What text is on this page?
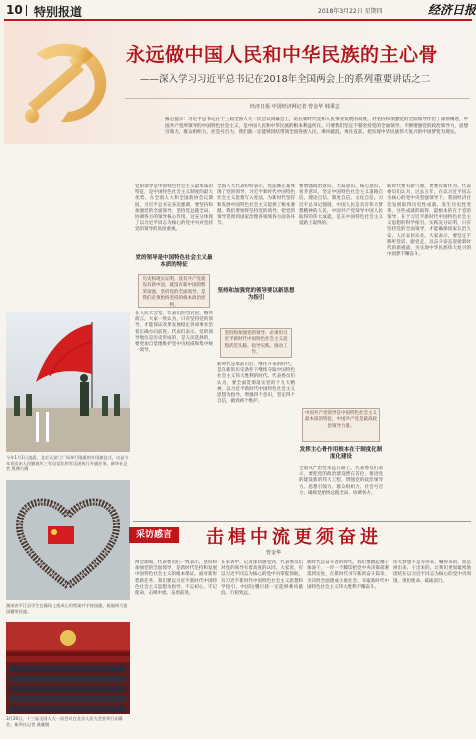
10 特别报道	2018年3月22日 星期四	经济日报
永远做中国人民和中华民族的主心骨
——深入学习习近平总书记在2018年全国两会上的系列重要讲话之二
经济日报·中国经济网记者 曾金华 韩秉志
核心提示：习近平总书记在十三届全国人大一次会议闭幕会上，站在新时代党和人民事业发展的高度，对坚持和加强党的全面领导作出了深刻阐述，中国共产党所领导的中国特色社会主义，是中国人民和中华民族的根本利益所在。只要我们坚定不移坚持党的全面领导，不断增强党的政治领导力、思想引领力、群众组织力、社会号召力，我们就一定能够团结带领全国各族人民，乘风破浪、勇往直前，把实现中华民族伟大复兴的中国梦变为现实。
今年1月1日凌晨，北京天安门广场举行隆重的升国旗仪式，这是今年首次由人民解放军三军仪仗队和军乐团执行升旗任务。新华社记者 殷博古摄
湖南省平江县学生在操场上组成心形图案并手持国旗，祝福伟大祖国繁荣昌盛。
3月20日，十三届全国人大一次会议在北京人民大会堂举行闭幕会。新华社记者 燕雁摄
党的领导是中国特色社会主义最本质的特征，是中国特色社会主义制度的最大优势。在全国人大和全国政协会议期间，习近平总书记多次强调，要坚持和加强党的全面领导，坚持党总揽全局、协调各方的领导核心作用。这充分体现了以习近平同志为核心的党中央对坚持党的领导的高度重视。
党的领导是中国特色社会主义最本质的特征
历史和现实证明，没有共产党就没有新中国，就没有新中国的繁荣富强。坚持党的全面领导，是我们必须始终坚持的根本政治原则。
在人民大会堂，代表们热烈讨论、畅所欲言。大家一致认为，只有坚持党的领导，才能保证改革发展稳定各项事业沿着正确方向前进。代表们表示，党的领导地位是历史形成的，是人民选择的，要更加自觉地维护党中央权威和集中统一领导。
全国人大代表纷纷表示，宪法修正案体现了党的领导，习近平新时代中国特色社会主义思想写入宪法，为新时代坚持和发展中国特色社会主义提供了根本遵循。我们要始终坚持党的领导，把党的领导贯彻到国家治理各领域各方面各环节。
坚持和加强党的领导要以新思想为指引
坚持和加强党的领导，必须用习近平新时代中国特色社会主义思想武装头脑、指导实践、推动工作。
新时代是承前启后、继往开来的时代，是在新的历史条件下继续夺取中国特色社会主义伟大胜利的时代。代表委员们认为，要全面贯彻落实党的十九大精神，以习近平新时代中国特色社会主义思想为指导，增强四个意识，坚定四个自信，做到两个维护。
要增强政治意识、大局意识、核心意识、看齐意识，坚定中国特色社会主义道路自信、理论自信、制度自信、文化自信。习近平总书记强调，中国人民是具有伟大梦想精神的人民，中国共产党领导中国人民取得的伟大成就，是在中国特色社会主义道路上取得的。
中国共产党领导是中国特色社会主义最本质的特征，中国共产党是最高政治领导力量。
发挥主心骨作用根本在于制度化制度化建设
全面从严治党永远在路上。代表委员们表示，要把党的政治建设摆在首位，推进党的建设新的伟大工程，增强党的政治领导力、思想引领力、群众组织力、社会号召力，确保党始终总揽全局、协调各方。
新时代要有新气象，更要有新作为。代表委员们认为，过去五年，在以习近平同志为核心的党中央坚强领导下，我国经济社会发展取得历史性成就、发生历史性变革。这些成就的取得，最根本的在于党的领导，在于习近平新时代中国特色社会主义思想的科学指引。实践充分证明，只有坚持党的全面领导，才能确保国家长治久安、人民安居乐业。大家表示，要坚定不移听党话、跟党走，以奋斗姿态迎接新时代的新挑战，为实现中华民族伟大复兴的中国梦不懈奋斗。
采访感言	击楫中流更须奋进
曾金华
两会期间，代表委员们一致表示，坚持和加强党的全面领导，是新时代坚持和发展中国特色社会主义的根本保证。面对新形势新任务，我们要以习近平新时代中国特色社会主义思想为指导，不忘初心、牢记使命，击楫中流、奋勇前进。
在采访中，记者深切感受到，代表委员们对党的领导有着高度的认同。大家说，有以习近平同志为核心的党中央掌舵领航，有习近平新时代中国特色社会主义思想科学指引，中国这艘巨轮一定能够乘风破浪、行稳致远。
新时代是奋斗者的时代。我们要撸起袖子加油干，一步一个脚印把党中央决策部署落到实处，在新时代书写新的奋斗篇章，为决胜全面建成小康社会、夺取新时代中国特色社会主义伟大胜利不懈奋斗。
伟大梦想不是等得来、喊得来的，而是拼出来、干出来的。让我们更加紧密地团结在以习近平同志为核心的党中央周围，勇担使命、砥砺前行。
